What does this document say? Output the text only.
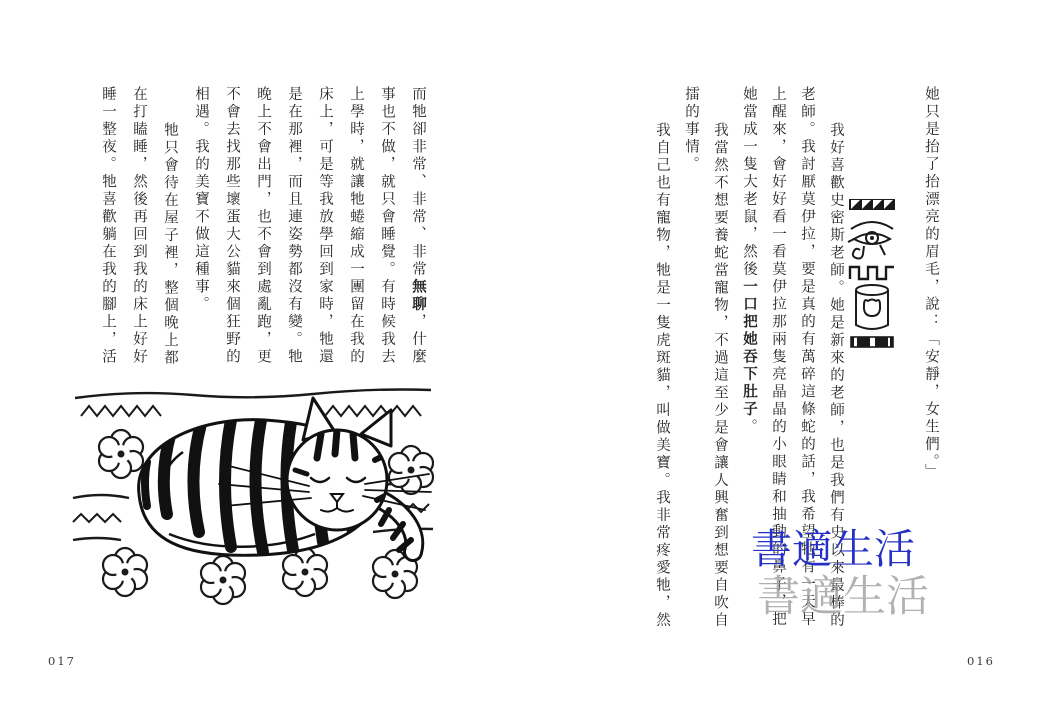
她只是抬了抬漂亮的眉毛，說：「安靜，女生們。」
我好喜歡史密斯老師。她是新來的老師，也是我們有史以來最棒的
老師。我討厭莫伊拉，要是真的有萬碎這條蛇的話，我希望牠有一天早
上醒來，會好好看一看莫伊拉那兩隻亮晶晶的小眼睛和抽動的鼻子，把
她當成一隻大老鼠，然後一口把她吞下肚子。
我當然不想要養蛇當寵物，不過這至少是會讓人興奮到想要自吹自
擂的事情。
我自己也有寵物，牠是一隻虎斑貓，叫做美寶。我非常疼愛牠，然
而牠卻非常、非常、非常無聊，什麼
事也不做，就只會睡覺。有時候我去
上學時，就讓牠蜷縮成一團留在我的
床上，可是等我放學回到家時，牠還
是在那裡，而且連姿勢都沒有變。牠
晚上不會出門，也不會到處亂跑，更
不會去找那些壞蛋大公貓來個狂野的
相遇。我的美寶不做這種事。
牠只會待在屋子裡，整個晚上都
在打瞌睡，然後再回到我的床上好好
睡一整夜。牠喜歡躺在我的腳上，活
書適生活
書適生活
017	016
